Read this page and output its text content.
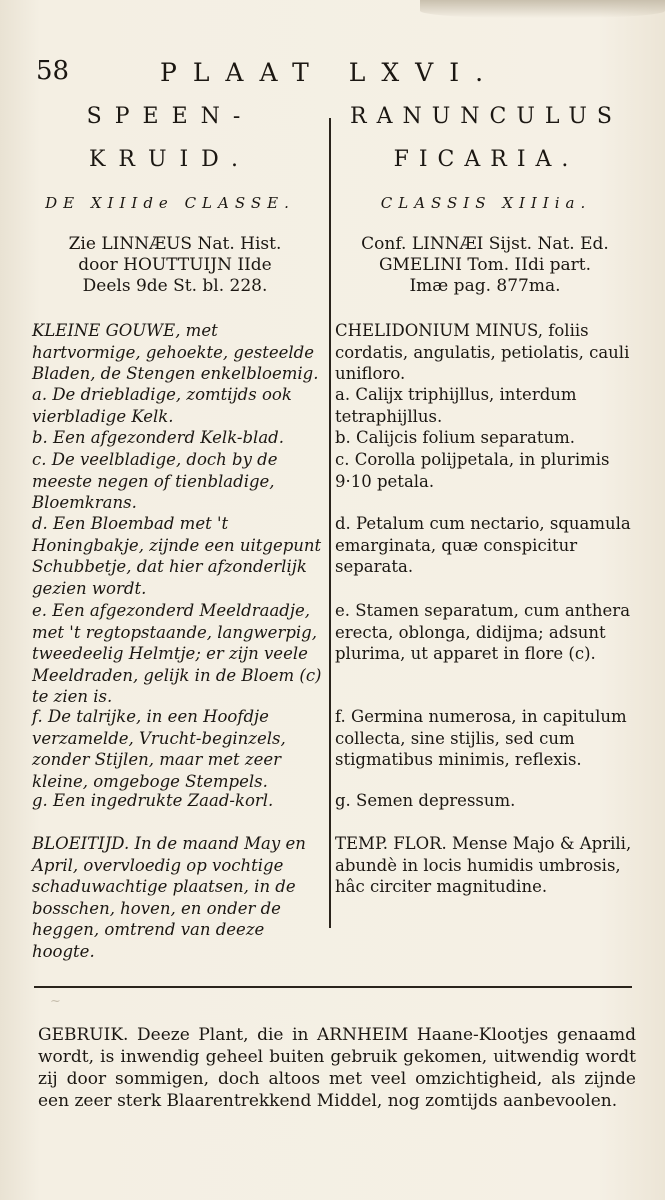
58	PLAAT LXVI.
SPEEN-
KRUID.
RANUNCULUS
FICARIA.
DE XIIIde CLASSE.	CLASSIS XIIIia.
Zie LINNÆUS Nat. Hist.
door HOUTTUIJN IIde
Deels 9de St. bl. 228.
Conf. LINNÆI Sijst. Nat. Ed.
GMELINI Tom. IIdi part.
Imæ pag. 877ma.
KLEINE GOUWE, met hartvormige, gehoekte, gesteelde Bladen, de Stengen enkelbloemig.
a. De driebladige, zomtijds ook vierbladige Kelk.
b. Een afgezonderd Kelk-blad.
c. De veelbladige, doch by de meeste negen of tienbladige, Bloemkrans.
d. Een Bloembad met 't Honingbakje, zijnde een uitgepunt Schubbetje, dat hier afzonderlijk gezien wordt.
e. Een afgezonderd Meeldraadje, met 't regtopstaande, langwerpig, tweedeelig Helmtje; er zijn veele Meeldraden, gelijk in de Bloem (c) te zien is.
f. De talrijke, in een Hoofdje verzamelde, Vrucht-beginzels, zonder Stijlen, maar met zeer kleine, omgeboge Stempels.
g. Een ingedrukte Zaad-korl.
BLOEITIJD. In de maand May en April, overvloedig op vochtige schaduwachtige plaatsen, in de bosschen, hoven, en onder de heggen, omtrend van deeze hoogte.
CHELIDONIUM MINUS, foliis cordatis, angulatis, petiolatis, cauli unifloro.
a. Calijx triphijllus, interdum tetraphijllus.
b. Calijcis folium separatum.
c. Corolla polijpetala, in plurimis 9·10 petala.
d. Petalum cum nectario, squamula emarginata, quæ conspicitur separata.
e. Stamen separatum, cum anthera erecta, oblonga, didijma; adsunt plurima, ut apparet in flore (c).
f. Germina numerosa, in capitulum collecta, sine stijlis, sed cum stigmatibus minimis, reflexis.
g. Semen depressum.
TEMP. FLOR. Mense Majo & Aprili, abundè in locis humidis umbrosis, hâc circiter magnitudine.
~
GEBRUIK. Deeze Plant, die in ARNHEIM Haane-Klootjes genaamd wordt, is inwendig geheel buiten gebruik gekomen, uitwendig wordt zij door sommigen, doch altoos met veel omzichtigheid, als zijnde een zeer sterk Blaarentrekkend Middel, nog zomtijds aanbevoolen.
